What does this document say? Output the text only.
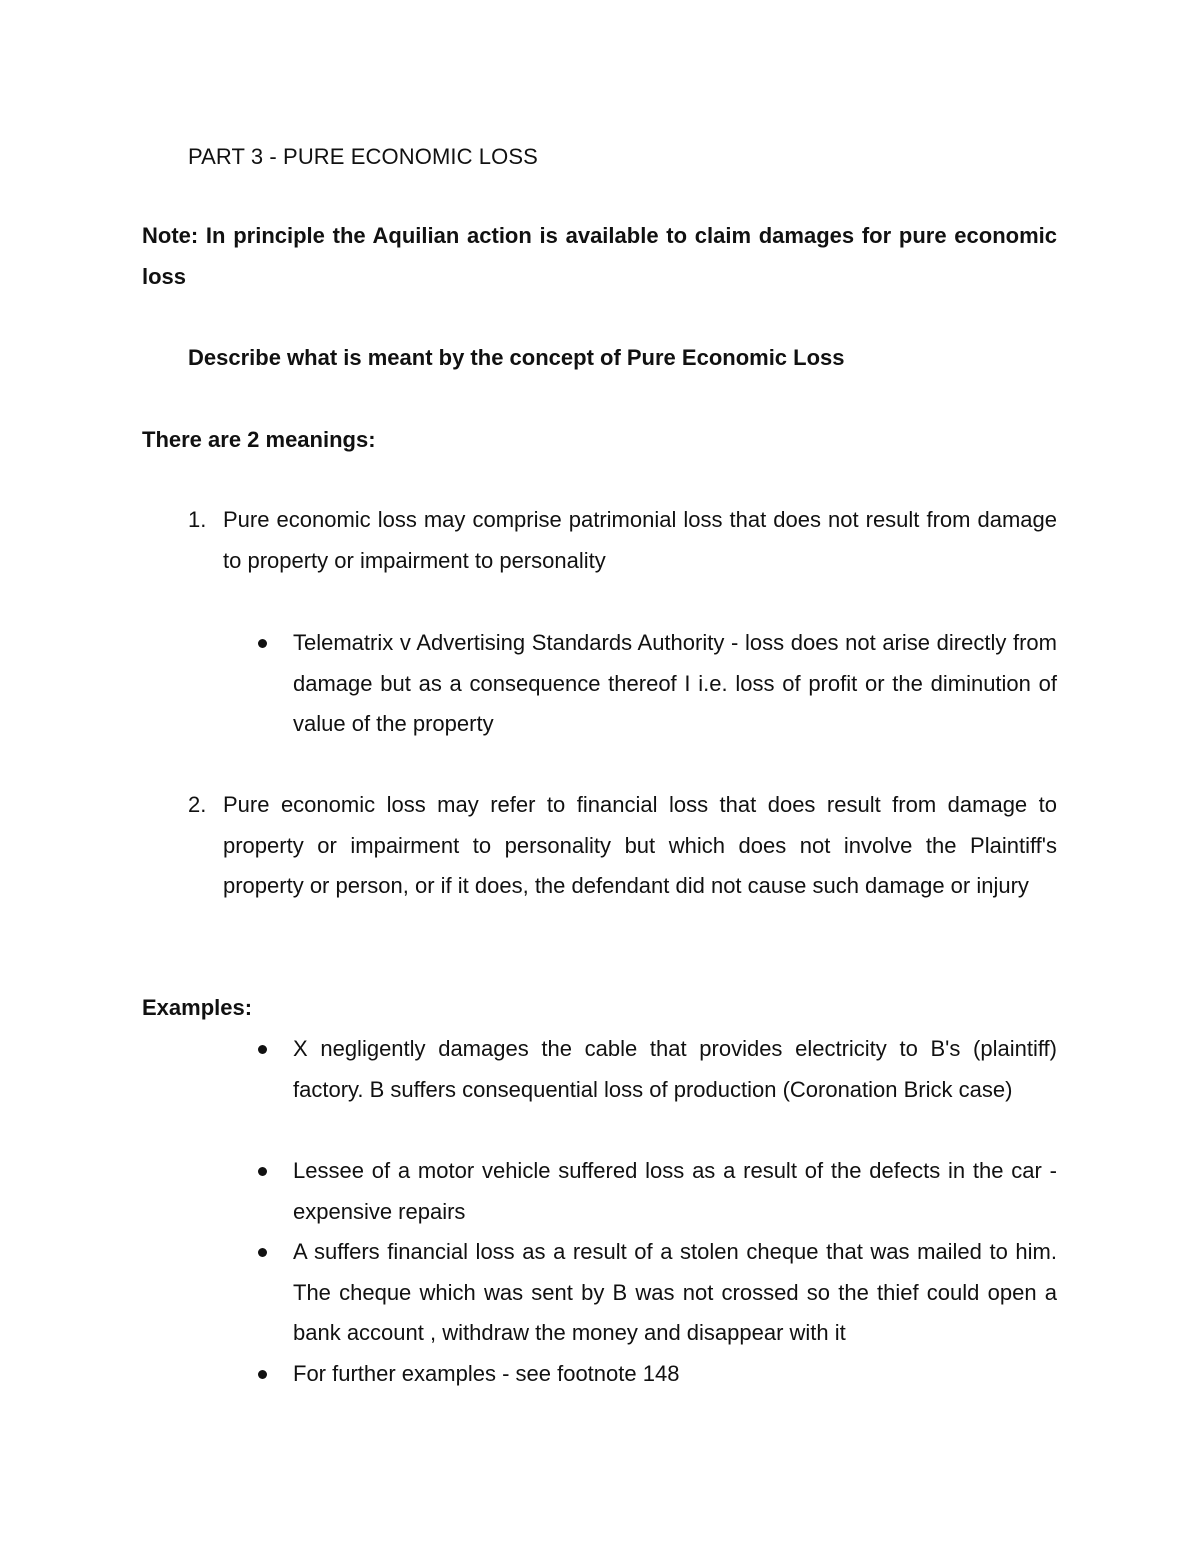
PART 3 - PURE ECONOMIC LOSS
Note: In principle the Aquilian action is available to claim damages for pure economic loss
Describe what is meant by the concept of Pure Economic Loss
There are 2 meanings:
1. Pure economic loss may comprise patrimonial loss that does not result from damage to property or impairment to personality
Telematrix v Advertising Standards Authority - loss does not arise directly from damage but as a consequence thereof I i.e. loss of profit or the diminution of value of the property
2. Pure economic loss may refer to financial loss that does result from damage to property or impairment to personality but which does not involve the Plaintiff's property or person, or if it does, the defendant did not cause such damage or injury
Examples:
X negligently damages the cable that provides electricity to B's (plaintiff) factory. B suffers consequential loss of production (Coronation Brick case)
Lessee of a motor vehicle suffered loss as a result of the defects in the car - expensive repairs
A suffers financial loss as a result of a stolen cheque that was mailed to him. The cheque which was sent by B was not crossed so the thief could open a bank account , withdraw the money and disappear with it
For further examples - see footnote 148
